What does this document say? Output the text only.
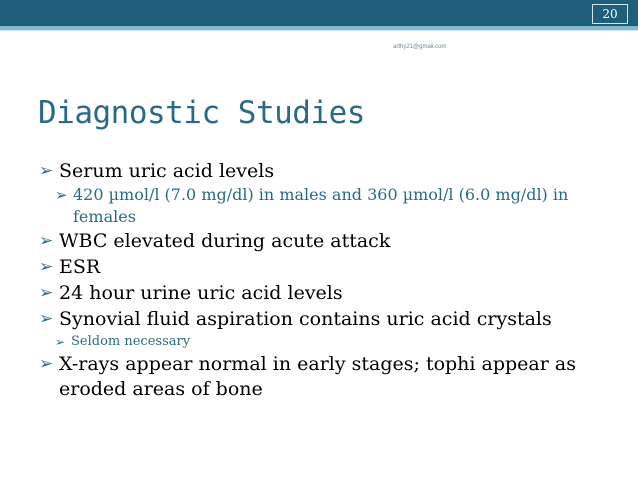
20
arthy21@gmail.com
Diagnostic Studies
➢ Serum uric acid levels
➢ 420 µmol/l (7.0 mg/dl) in males and 360 µmol/l (6.0 mg/dl) in females
➢ WBC elevated during acute attack
➢ ESR
➢ 24 hour urine uric acid levels
➢ Synovial fluid aspiration contains uric acid crystals
➢ Seldom necessary
➢ X-rays appear normal in early stages; tophi appear as eroded areas of bone
